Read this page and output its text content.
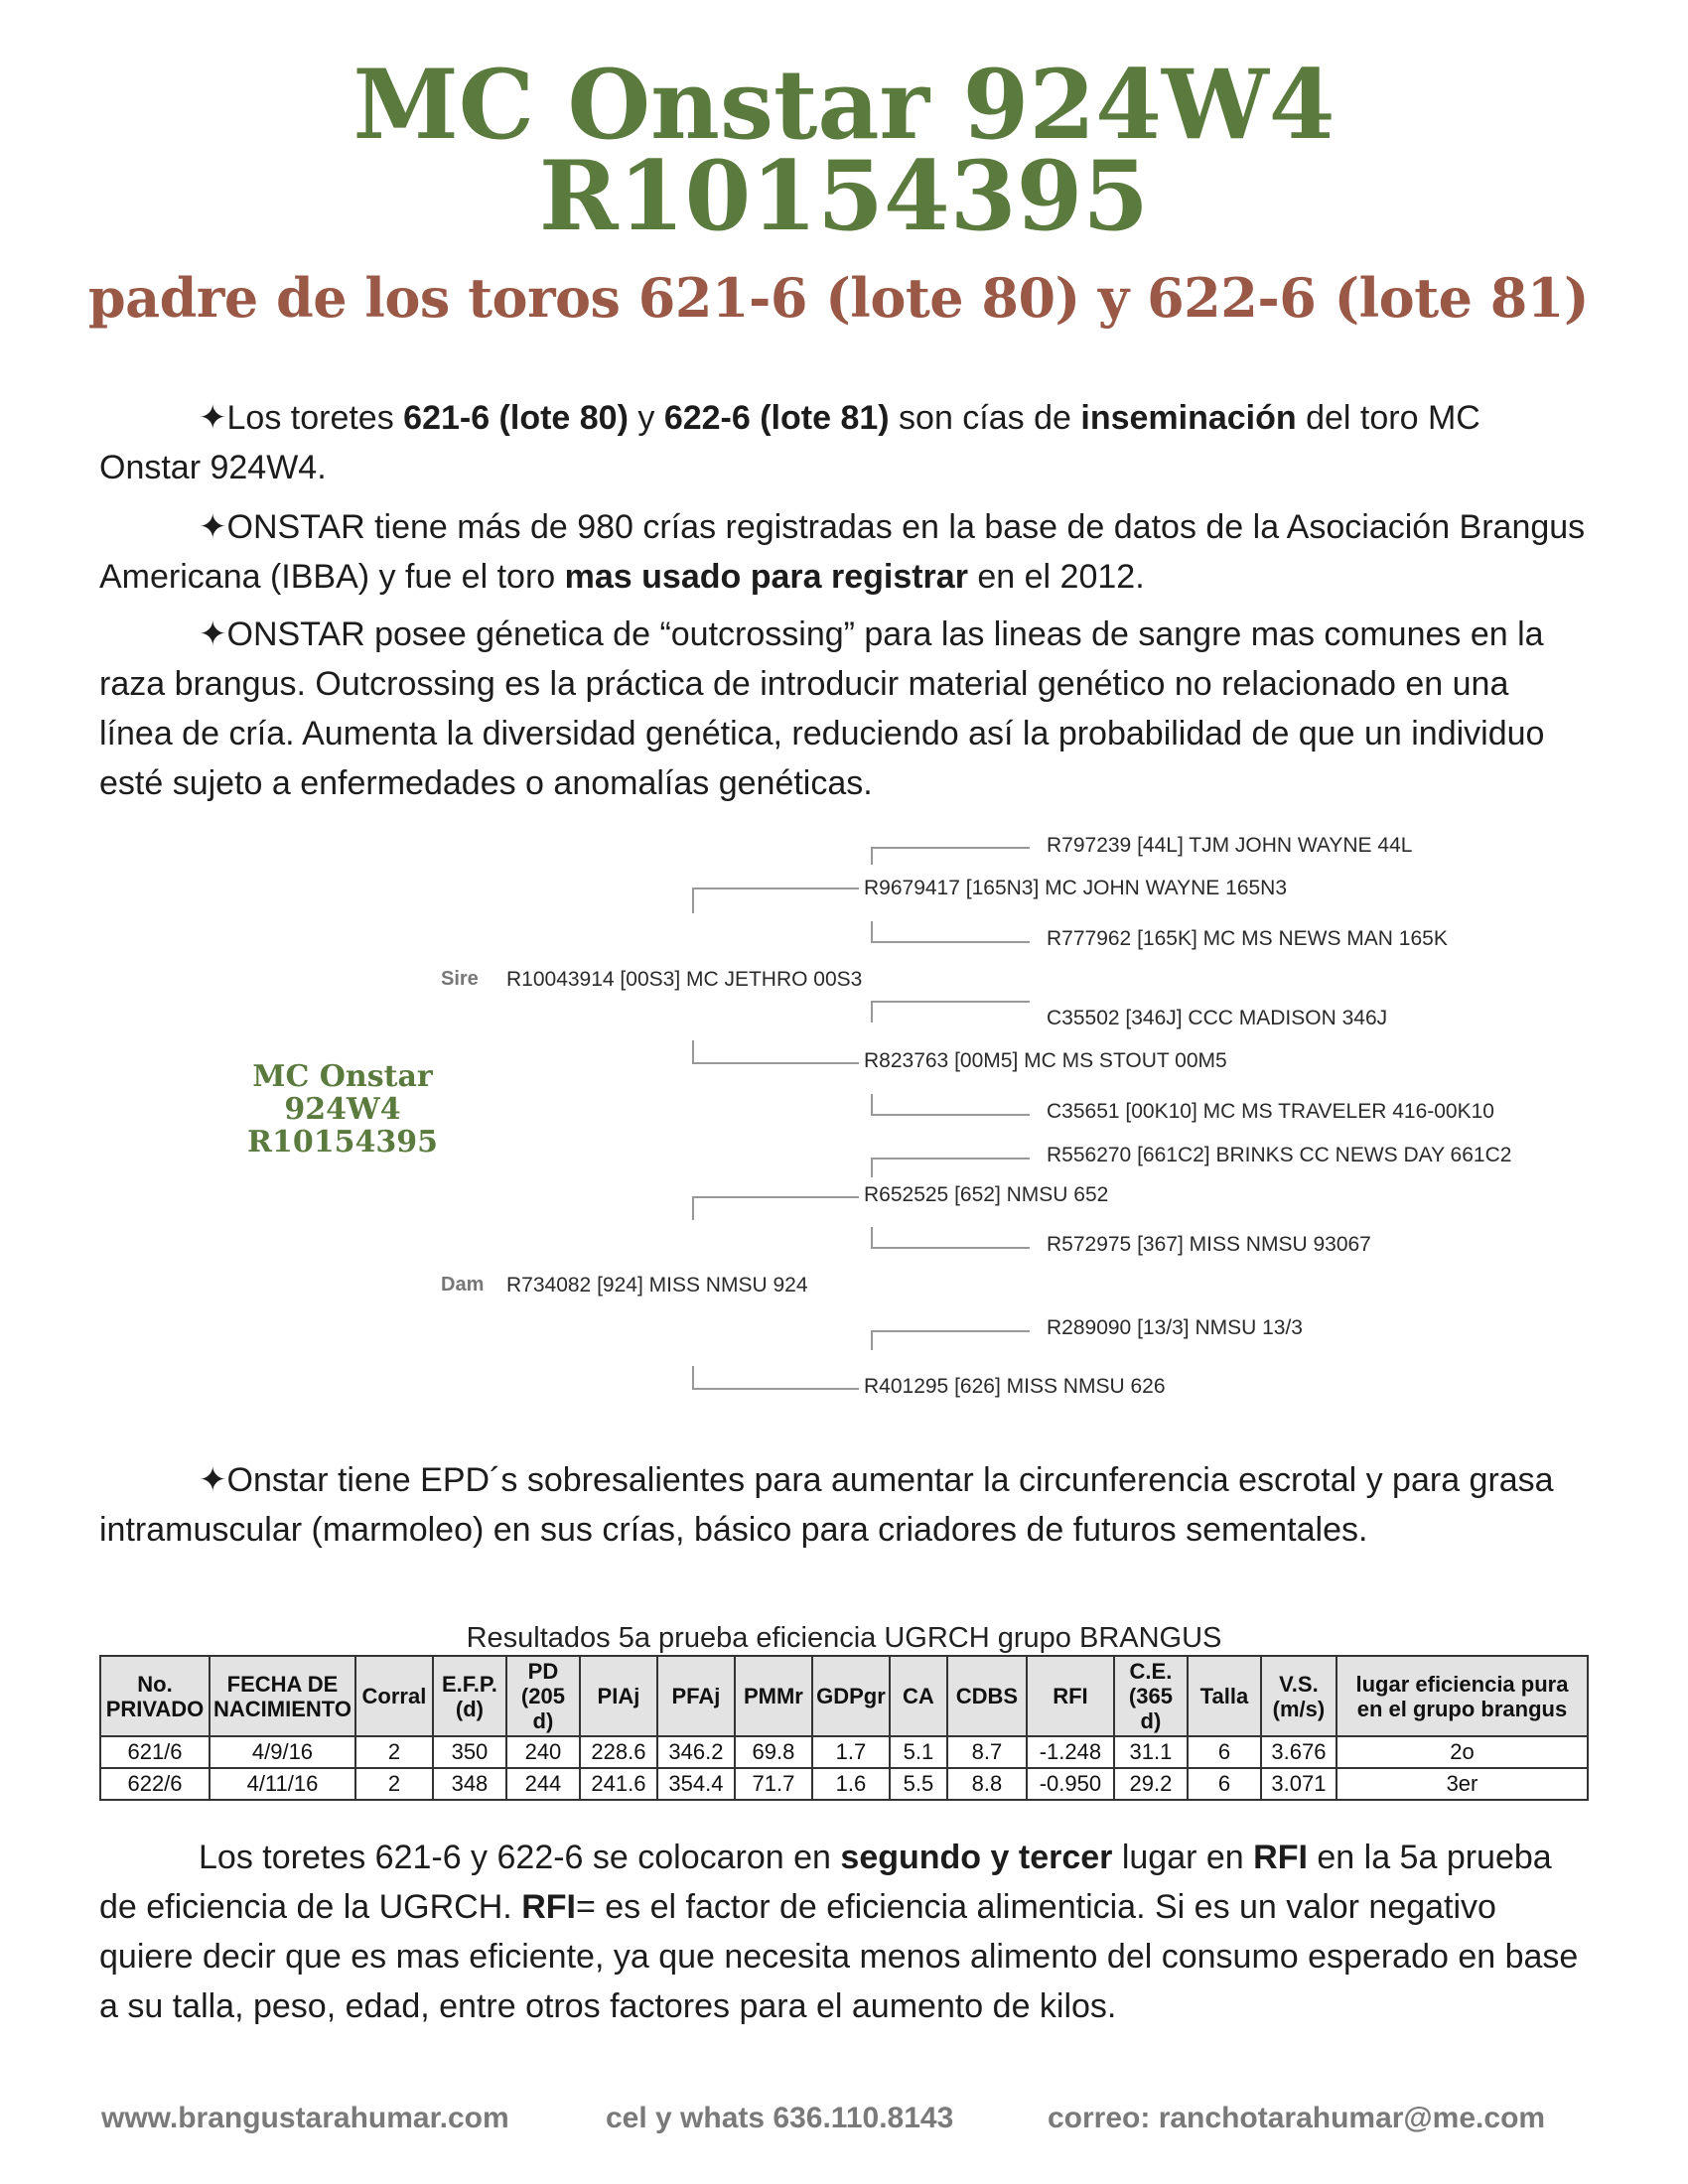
MC Onstar 924W4
R10154395
padre de los toros 621-6 (lote 80) y 622-6 (lote 81)

✦Los toretes 621-6 (lote 80) y 622-6 (lote 81) son cías de inseminación del toro MC Onstar 924W4.

✦ONSTAR tiene más de 980 crías registradas en la base de datos de la Asociación Brangus Americana (IBBA) y fue el toro mas usado para registrar en el 2012.

✦ONSTAR posee génetica de “outcrossing” para las lineas de sangre mas comunes en la raza brangus. Outcrossing es la práctica de introducir material genético no relacionado en una línea de cría. Aumenta la diversidad genética, reduciendo así la probabilidad de que un individuo esté sujeto a enfermedades o anomalías genéticas.

MC Onstar
924W4
R10154395
Sire R10043914 [00S3] MC JETHRO 00S3
Dam R734082 [924] MISS NMSU 924
R9679417 [165N3] MC JOHN WAYNE 165N3
R797239 [44L] TJM JOHN WAYNE 44L
R777962 [165K] MC MS NEWS MAN 165K
R823763 [00M5] MC MS STOUT 00M5
C35502 [346J] CCC MADISON 346J
C35651 [00K10] MC MS TRAVELER 416-00K10
R652525 [652] NMSU 652
R556270 [661C2] BRINKS CC NEWS DAY 661C2
R572975 [367] MISS NMSU 93067
R401295 [626] MISS NMSU 626
R289090 [13/3] NMSU 13/3

✦Onstar tiene EPD´s sobresalientes para aumentar la circunferencia escrotal y para grasa intramuscular (marmoleo) en sus crías, básico para criadores de futuros sementales.

Resultados 5a prueba eficiencia UGRCH grupo BRANGUS
No. PRIVADO	FECHA DE NACIMIENTO	Corral	E.F.P. (d)	PD (205 d)	PIAj	PFAj	PMMr	GDPgr	CA	CDBS	RFI	C.E. (365 d)	Talla	V.S. (m/s)	lugar eficiencia pura en el grupo brangus
621/6	4/9/16	2	350	240	228.6	346.2	69.8	1.7	5.1	8.7	-1.248	31.1	6	3.676	2o
622/6	4/11/16	2	348	244	241.6	354.4	71.7	1.6	5.5	8.8	-0.950	29.2	6	3.071	3er

Los toretes 621-6 y 622-6 se colocaron en segundo y tercer lugar en RFI en la 5a prueba de eficiencia de la UGRCH. RFI= es el factor de eficiencia alimenticia. Si es un valor negativo quiere decir que es mas eficiente, ya que necesita menos alimento del consumo esperado en base a su talla, peso, edad, entre otros factores para el aumento de kilos.

www.brangustarahumar.com	cel y whats 636.110.8143	correo: ranchotarahumar@me.com
